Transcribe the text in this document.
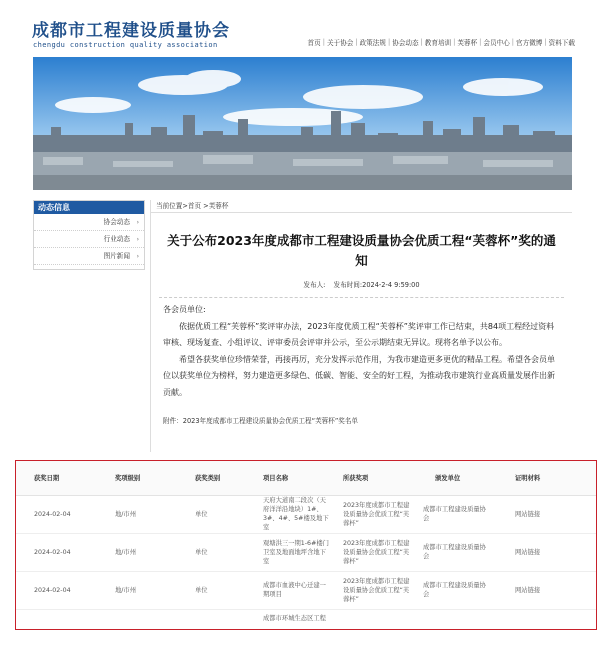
成都市工程建设质量协会
chengdu construction quality association	首页 | 关于协会 | 政策法规 | 协会动态 | 教育培训 | 芙蓉杯 | 会员中心 | 官方微博 | 资料下载
动态信息
协会动态 ›
行业动态 ›
图片新闻 ›
当前位置>首页 >芙蓉杯
关于公布2023年度成都市工程建设质量协会优质工程“芙蓉杯”奖的通知
发布人: 发布时间:2024-2-4 9:59:00

各会员单位:

依据优质工程“芙蓉杯”奖评审办法，2023年度优质工程“芙蓉杯”奖评审工作已结束，共84项工程经过资料审核、现场复查、小组评议、评审委员会评审并公示，至公示期结束无异议。现将名单予以公布。

希望各获奖单位珍惜荣誉，再接再厉，充分发挥示范作用，为我市建造更多更优的精品工程。希望各会员单位以获奖单位为榜样，努力建造更多绿色、低碳、智能、安全的好工程，为推动我市建筑行业高质量发展作出新贡献。

附件：2023年度成都市工程建设质量协会优质工程“芙蓉杯”奖名单
获奖日期	奖项级别	获奖类别	项目名称	所获奖项	颁发单位	证明材料
2024-02-04	地/市州	单位	天府大道南二段次（天府洋洋沿地块）1#、3#、4#、5#楼及地下室	2023年度成都市工程建设质量协会优质工程“芙蓉杯”	成都市工程建设质量协会	网站链接
2024-02-04	地/市州	单位	观塘洪三一期1-6#楼门卫室及地面地坪含地下室	2023年度成都市工程建设质量协会优质工程“芙蓉杯”	成都市工程建设质量协会	网站链接
2024-02-04	地/市州	单位	成都市血液中心迁建一期项目	2023年度成都市工程建设质量协会优质工程“芙蓉杯”	成都市工程建设质量协会	网站链接
			成都市环城生态区工程			
